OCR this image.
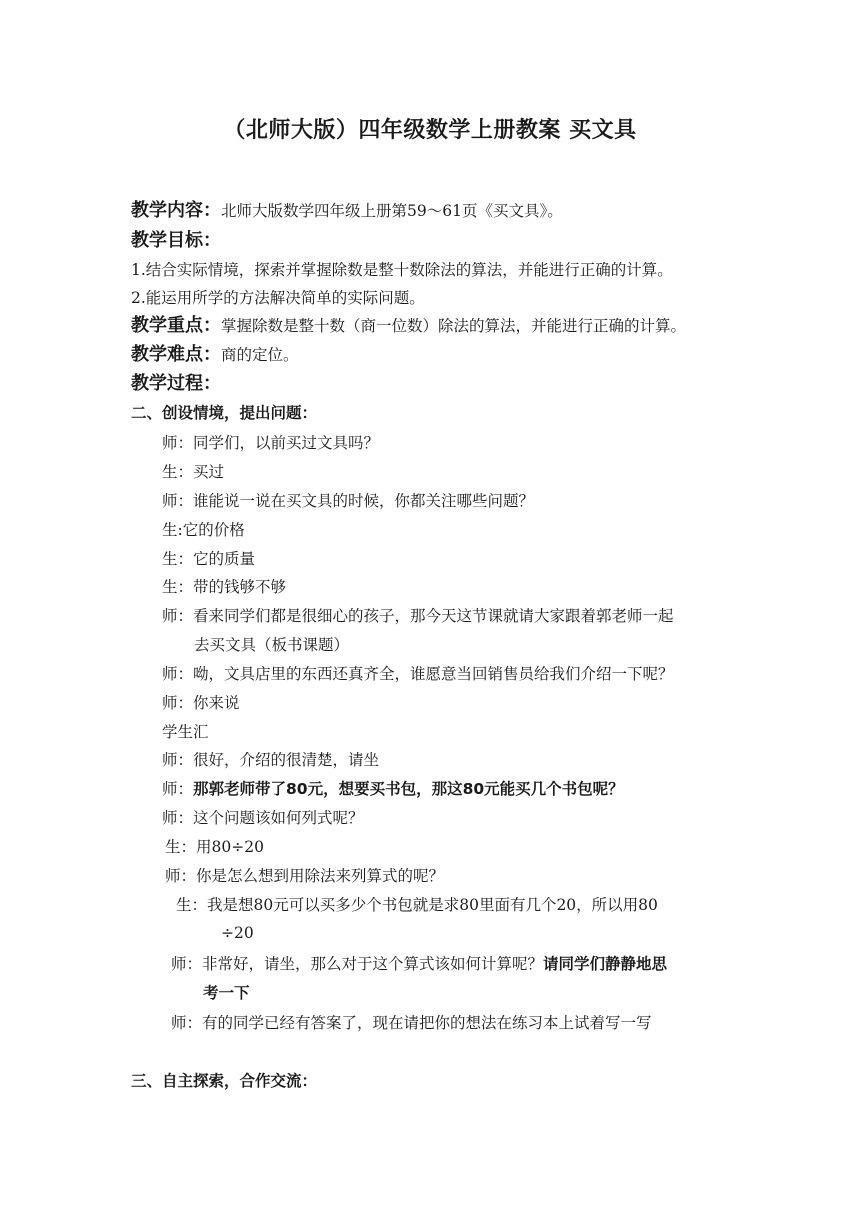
（北师大版）四年级数学上册教案 买文具
教学内容：北师大版数学四年级上册第59～61页《买文具》。
教学目标：
1.结合实际情境，探索并掌握除数是整十数除法的算法，并能进行正确的计算。
2.能运用所学的方法解决简单的实际问题。
教学重点：掌握除数是整十数（商一位数）除法的算法，并能进行正确的计算。
教学难点：商的定位。
教学过程：
二、创设情境，提出问题：
师：同学们，以前买过文具吗？
生：买过
师：谁能说一说在买文具的时候，你都关注哪些问题？
生:它的价格
生：它的质量
生：带的钱够不够
师：看来同学们都是很细心的孩子，那今天这节课就请大家跟着郭老师一起
去买文具（板书课题）
师：呦，文具店里的东西还真齐全，谁愿意当回销售员给我们介绍一下呢？
师：你来说
学生汇
师：很好，介绍的很清楚，请坐
师：那郭老师带了80元，想要买书包，那这80元能买几个书包呢？
师：这个问题该如何列式呢？
生：用80÷20
师：你是怎么想到用除法来列算式的呢？
生：我是想80元可以买多少个书包就是求80里面有几个20，所以用80
÷20
师：非常好，请坐，那么对于这个算式该如何计算呢？请同学们静静地思
考一下
师：有的同学已经有答案了，现在请把你的想法在练习本上试着写一写
三、自主探索，合作交流：
